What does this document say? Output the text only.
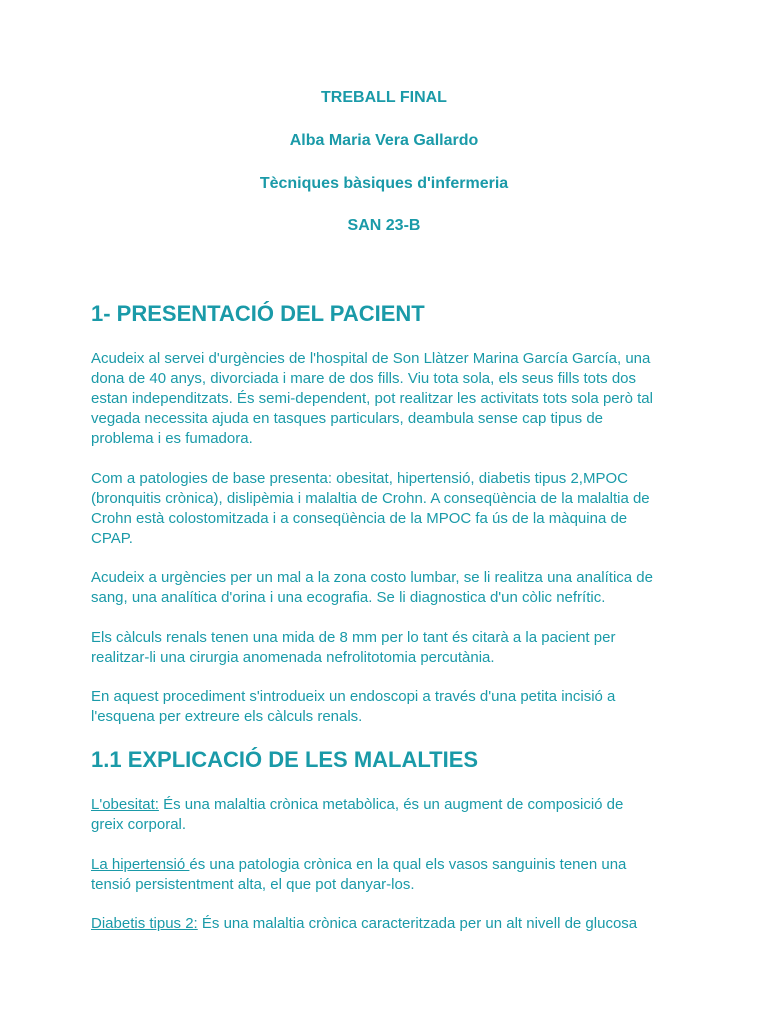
TREBALL FINAL
Alba Maria Vera Gallardo
Tècniques bàsiques d'infermeria
SAN 23-B
1- PRESENTACIÓ DEL PACIENT
Acudeix al servei d'urgències de l'hospital de Son Llàtzer Marina García García, una
dona de 40 anys, divorciada i mare de dos fills. Viu tota sola, els seus fills tots dos
estan independitzats. És semi-dependent, pot realitzar les activitats tots sola però tal
vegada necessita ajuda en tasques particulars, deambula sense cap tipus de
problema i es fumadora.
Com a patologies de base presenta: obesitat, hipertensió, diabetis tipus 2,MPOC
(bronquitis crònica), dislipèmia i malaltia de Crohn. A conseqüència de la malaltia de
Crohn està colostomitzada i a conseqüència de la MPOC fa ús de la màquina de
CPAP.
Acudeix a urgències per un mal a la zona costo lumbar, se li realitza una analítica de
sang, una analítica d'orina i una ecografia. Se li diagnostica d'un còlic nefrític.
Els càlculs renals tenen una mida de 8 mm per lo tant és citarà a la pacient per
realitzar-li una cirurgia anomenada nefrolitotomia percutània.
En aquest procediment s'introdueix un endoscopi a través d'una petita incisió a
l'esquena per extreure els càlculs renals.
1.1 EXPLICACIÓ DE LES MALALTIES
L'obesitat: És una malaltia crònica metabòlica, és un augment de composició de
greix corporal.
La hipertensió és una patologia crònica en la qual els vasos sanguinis tenen una
tensió persistentment alta, el que pot danyar-los.
Diabetis tipus 2: És una malaltia crònica caracteritzada per un alt nivell de glucosa
